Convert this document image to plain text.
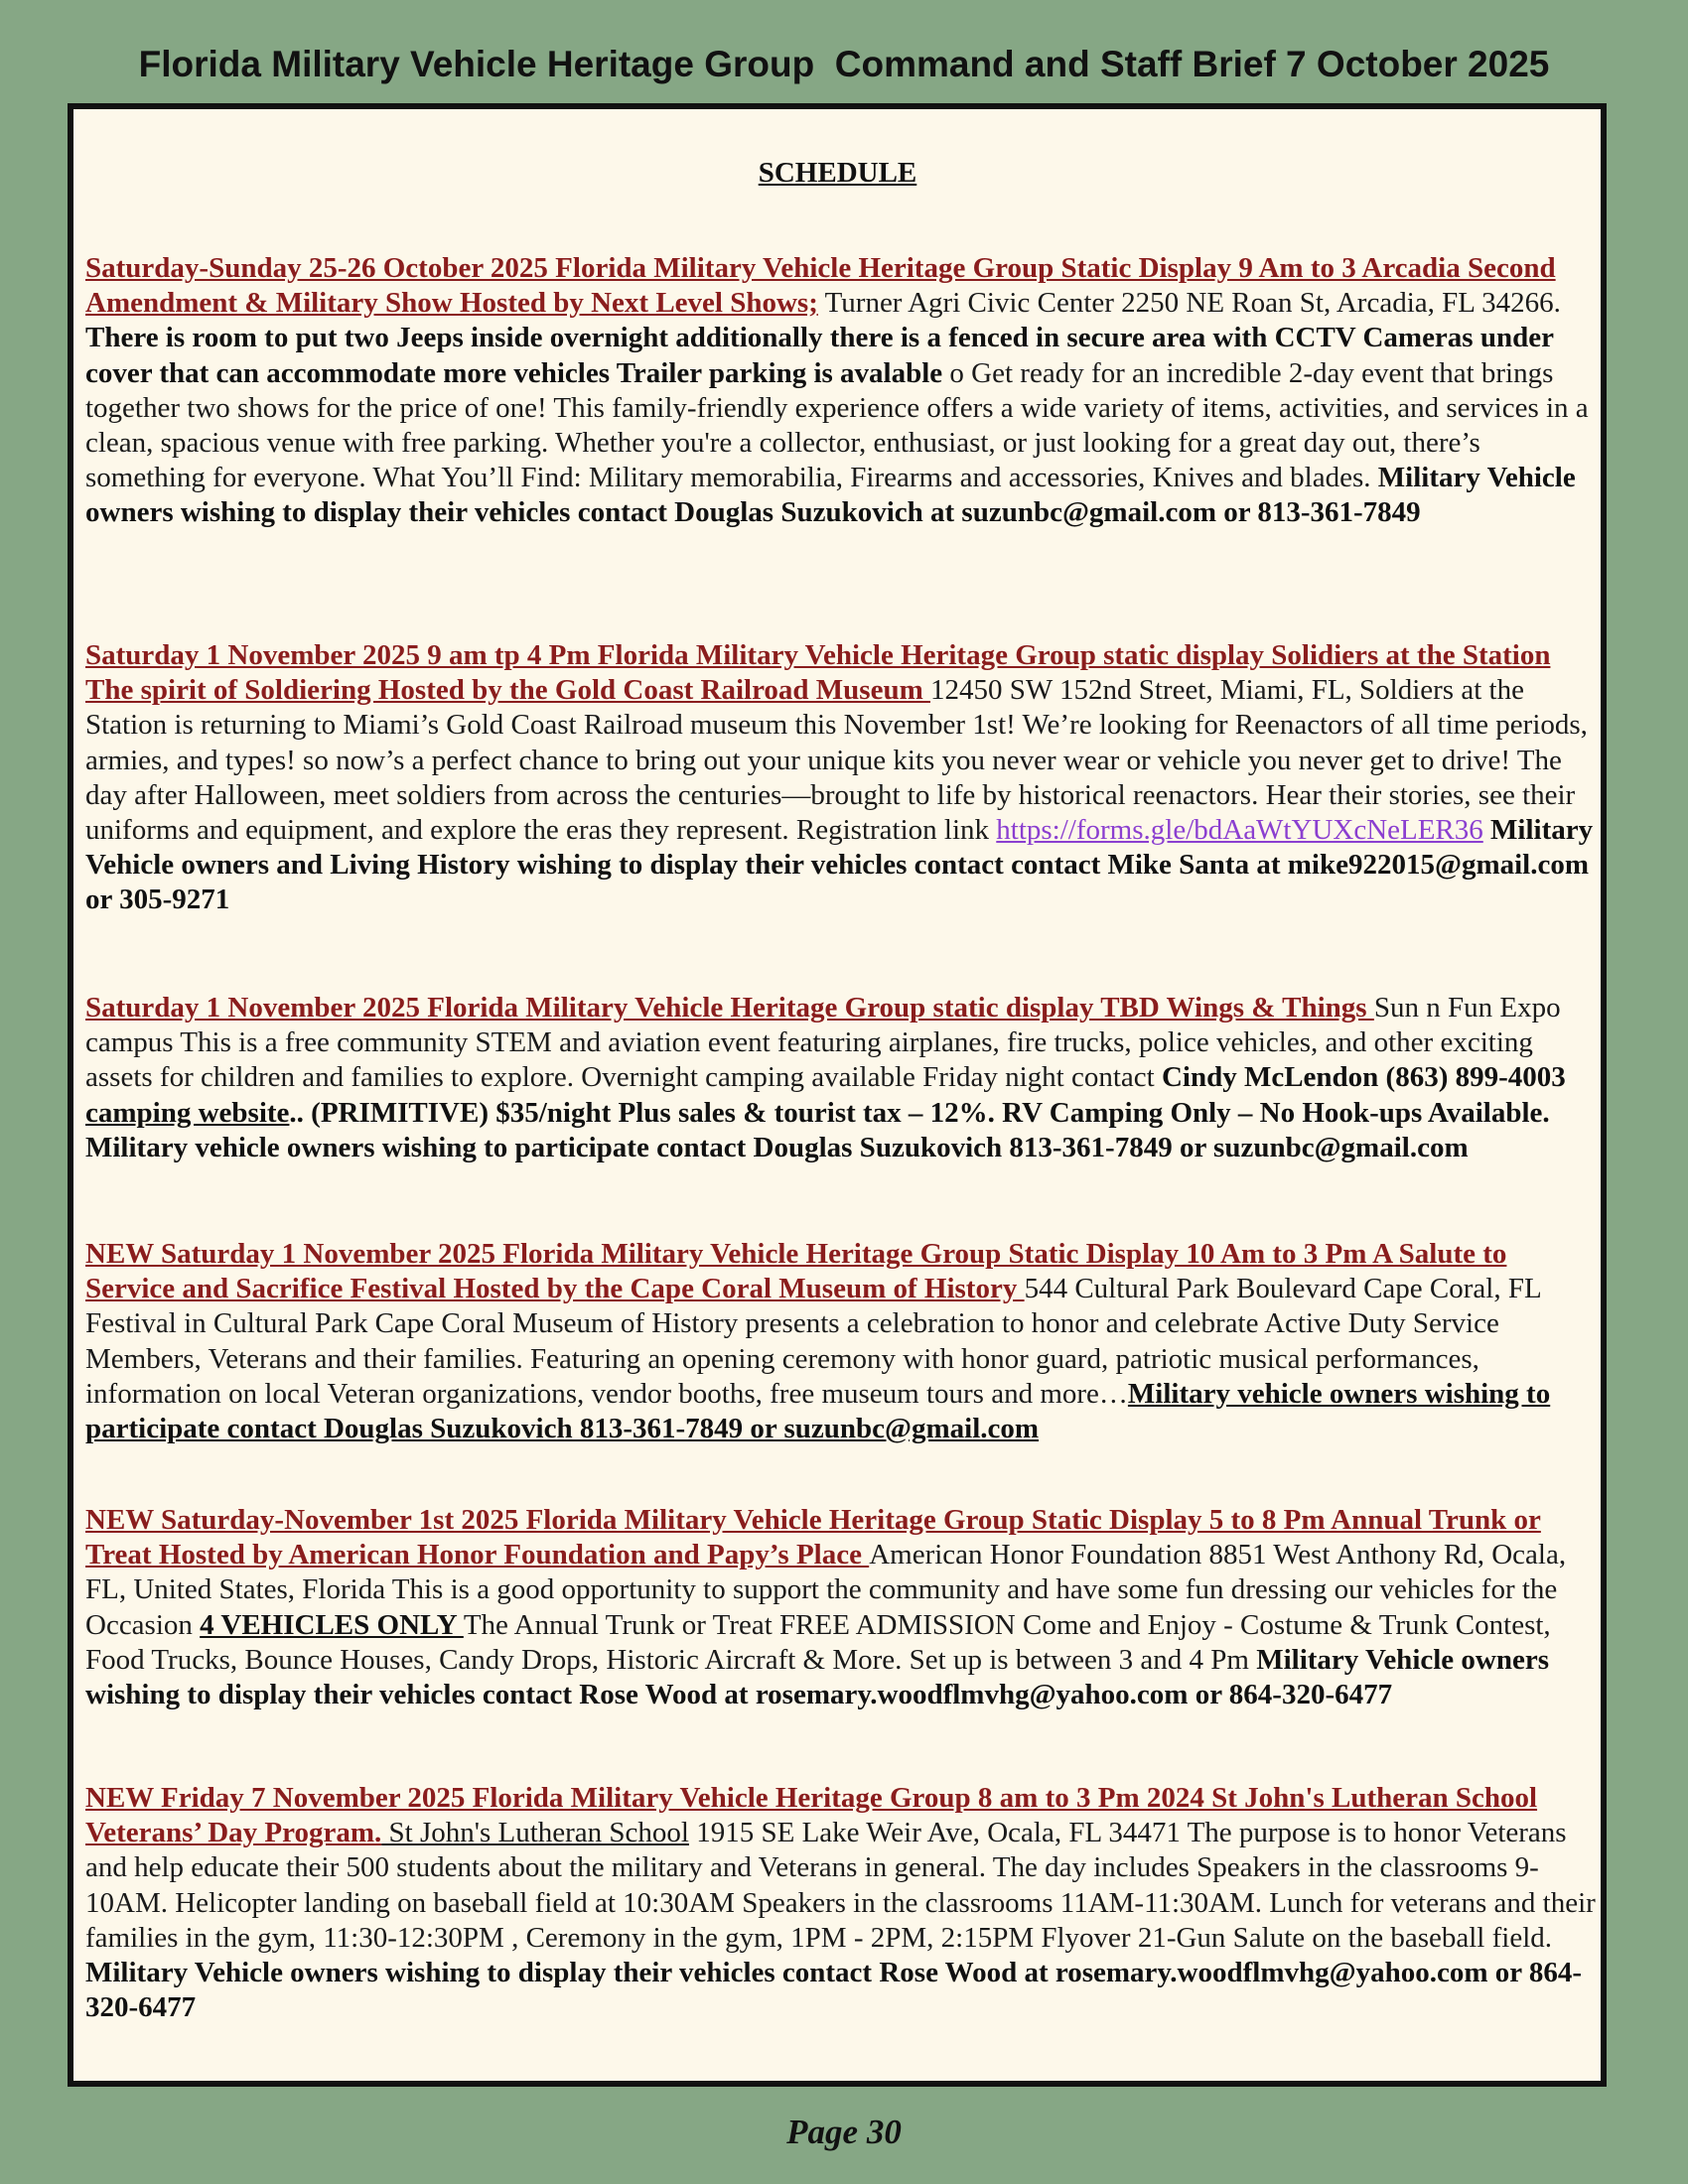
Florida Military Vehicle Heritage Group  Command and Staff Brief 7 October 2025
SCHEDULE
Saturday-Sunday 25-26 October 2025 Florida Military Vehicle Heritage Group Static Display 9 Am to 3 Arcadia Second Amendment & Military Show Hosted by Next Level Shows; Turner Agri Civic Center 2250 NE Roan St, Arcadia, FL 34266. There is room to put two Jeeps inside overnight additionally there is a fenced in secure area with CCTV Cameras under cover that can accommodate more vehicles Trailer parking is avalable o Get ready for an incredible 2-day event that brings together two shows for the price of one! This family-friendly experience offers a wide variety of items, activities, and services in a clean, spacious venue with free parking. Whether you're a collector, enthusiast, or just looking for a great day out, there’s something for everyone. What You’ll Find: Military memorabilia, Firearms and accessories, Knives and blades. Military Vehicle owners wishing to display their vehicles contact Douglas Suzukovich at suzunbc@gmail.com or 813-361-7849
Saturday 1 November 2025 9 am tp 4 Pm Florida Military Vehicle Heritage Group static display Solidiers at the Station The spirit of Soldiering Hosted by the Gold Coast Railroad Museum 12450 SW 152nd Street, Miami, FL, Soldiers at the Station is returning to Miami’s Gold Coast Railroad museum this November 1st! We’re looking for Reenactors of all time periods, armies, and types! so now’s a perfect chance to bring out your unique kits you never wear or vehicle you never get to drive! The day after Halloween, meet soldiers from across the centuries—brought to life by historical reenactors. Hear their stories, see their uniforms and equipment, and explore the eras they represent. Registration link https://forms.gle/bdAaWtYUXcNeLER36 Military Vehicle owners and Living History wishing to display their vehicles contact contact Mike Santa at mike922015@gmail.com or 305-9271
Saturday 1 November 2025 Florida Military Vehicle Heritage Group static display TBD Wings & Things Sun n Fun Expo campus This is a free community STEM and aviation event featuring airplanes, fire trucks, police vehicles, and other exciting assets for children and families to explore. Overnight camping available Friday night contact Cindy McLendon (863) 899-4003 camping website.. (PRIMITIVE) $35/night Plus sales & tourist tax – 12%. RV Camping Only – No Hook-ups Available. Military vehicle owners wishing to participate contact Douglas Suzukovich 813-361-7849 or suzunbc@gmail.com
NEW Saturday 1 November 2025 Florida Military Vehicle Heritage Group Static Display 10 Am to 3 Pm A Salute to Service and Sacrifice Festival Hosted by the Cape Coral Museum of History 544 Cultural Park Boulevard Cape Coral, FL Festival in Cultural Park Cape Coral Museum of History presents a celebration to honor and celebrate Active Duty Service Members, Veterans and their families. Featuring an opening ceremony with honor guard, patriotic musical performances, information on local Veteran organizations, vendor booths, free museum tours and more…Military vehicle owners wishing to participate contact Douglas Suzukovich 813-361-7849 or suzunbc@gmail.com
NEW Saturday-November 1st 2025 Florida Military Vehicle Heritage Group Static Display 5 to 8 Pm Annual Trunk or Treat Hosted by American Honor Foundation and Papy’s Place American Honor Foundation 8851 West Anthony Rd, Ocala, FL, United States, Florida This is a good opportunity to support the community and have some fun dressing our vehicles for the Occasion 4 VEHICLES ONLY The Annual Trunk or Treat FREE ADMISSION Come and Enjoy - Costume & Trunk Contest, Food Trucks, Bounce Houses, Candy Drops, Historic Aircraft & More. Set up is between 3 and 4 Pm Military Vehicle owners wishing to display their vehicles contact Rose Wood at rosemary.woodflmvhg@yahoo.com or 864-320-6477
NEW Friday 7 November 2025 Florida Military Vehicle Heritage Group 8 am to 3 Pm 2024 St John's Lutheran School Veterans’ Day Program. St John's Lutheran School 1915 SE Lake Weir Ave, Ocala, FL 34471 The purpose is to honor Veterans and help educate their 500 students about the military and Veterans in general. The day includes Speakers in the classrooms 9-10AM. Helicopter landing on baseball field at 10:30AM Speakers in the classrooms 11AM-11:30AM. Lunch for veterans and their families in the gym, 11:30-12:30PM , Ceremony in the gym, 1PM - 2PM, 2:15PM Flyover 21-Gun Salute on the baseball field. Military Vehicle owners wishing to display their vehicles contact Rose Wood at rosemary.woodflmvhg@yahoo.com or 864-320-6477
Page 30
